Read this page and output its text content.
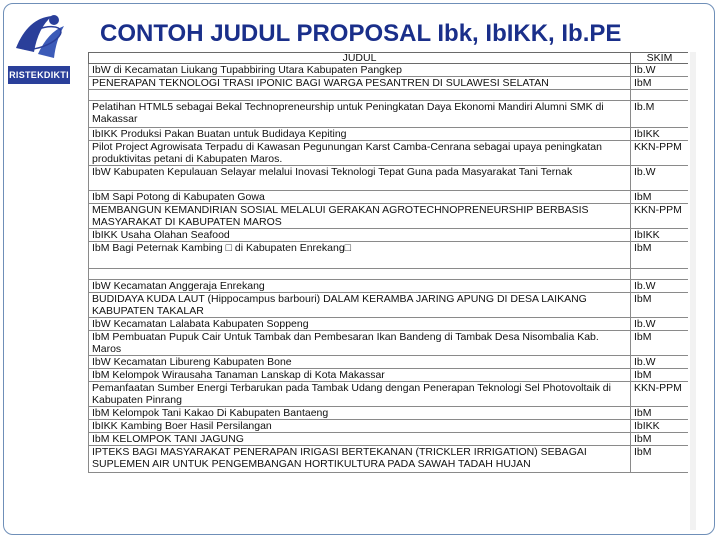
RISTEKDIKTI
CONTOH JUDUL PROPOSAL Ibk, IbIKK, Ib.PE
JUDUL	SKIM
IbW di Kecamatan Liukang Tupabbiring Utara Kabupaten Pangkep	Ib.W
PENERAPAN TEKNOLOGI TRASI IPONIC BAGI WARGA PESANTREN DI SULAWESI SELATAN	IbM

Pelatihan HTML5 sebagai Bekal Technopreneurship untuk Peningkatan Daya Ekonomi Mandiri Alumni SMK di Makassar	Ib.M
IbIKK Produksi Pakan Buatan untuk Budidaya Kepiting	IbIKK
Pilot Project Agrowisata Terpadu di Kawasan Pegunungan Karst Camba-Cenrana sebagai upaya peningkatan produktivitas petani di Kabupaten Maros.	KKN-PPM
IbW Kabupaten Kepulauan Selayar melalui Inovasi Teknologi Tepat Guna pada Masyarakat Tani Ternak	Ib.W
IbM Sapi Potong di Kabupaten Gowa	IbM
MEMBANGUN KEMANDIRIAN SOSIAL MELALUI GERAKAN AGROTECHNOPRENEURSHIP BERBASIS MASYARAKAT DI KABUPATEN MAROS	KKN-PPM
IbIKK Usaha Olahan Seafood	IbIKK
IbM Bagi Peternak Kambing □ di Kabupaten Enrekang□	IbM

IbW Kecamatan Anggeraja Enrekang	Ib.W
BUDIDAYA KUDA LAUT (Hippocampus barbouri) DALAM KERAMBA JARING APUNG DI DESA LAIKANG KABUPATEN TAKALAR	IbM
IbW Kecamatan Lalabata Kabupaten Soppeng	Ib.W
IbM Pembuatan Pupuk Cair Untuk Tambak dan Pembesaran Ikan Bandeng di Tambak Desa Nisombalia Kab. Maros	IbM
IbW Kecamatan Libureng Kabupaten Bone	Ib.W
IbM Kelompok Wirausaha Tanaman Lanskap di Kota Makassar	IbM
Pemanfaatan Sumber Energi Terbarukan pada Tambak Udang dengan Penerapan Teknologi Sel Photovoltaik di Kabupaten Pinrang	KKN-PPM
IbM Kelompok Tani Kakao Di Kabupaten Bantaeng	IbM
IbIKK Kambing Boer Hasil Persilangan	IbIKK
IbM KELOMPOK TANI JAGUNG	IbM
IPTEKS BAGI MASYARAKAT PENERAPAN IRIGASI BERTEKANAN (TRICKLER IRRIGATION) SEBAGAI SUPLEMEN AIR UNTUK PENGEMBANGAN HORTIKULTURA PADA SAWAH TADAH HUJAN	IbM
